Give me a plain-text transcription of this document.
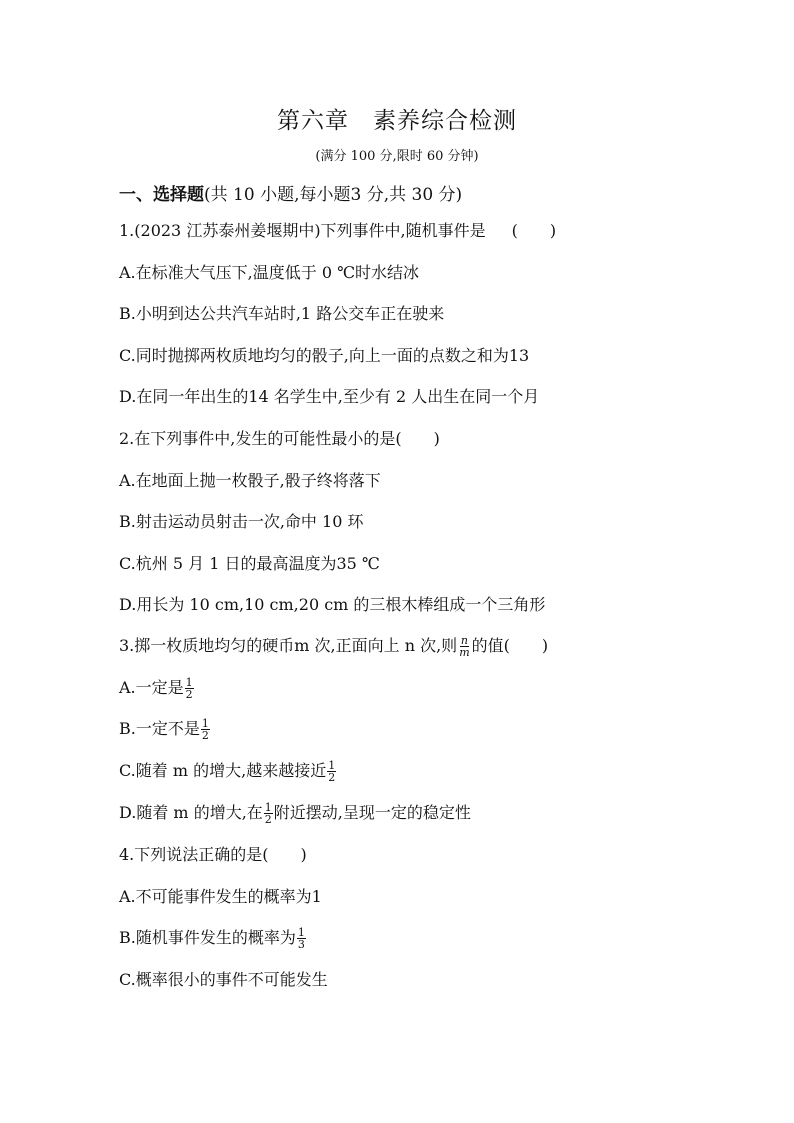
第六章　素养综合检测
(满分 100 分,限时 60 分钟)
一、选择题(共 10 小题,每小题3 分,共 30 分)
1.(2023 江苏泰州姜堰期中)下列事件中,随机事件是 (　　)
A.在标准大气压下,温度低于 0 ℃时水结冰
B.小明到达公共汽车站时,1 路公交车正在驶来
C.同时抛掷两枚质地均匀的骰子,向上一面的点数之和为13
D.在同一年出生的14 名学生中,至少有 2 人出生在同一个月
2.在下列事件中,发生的可能性最小的是(　　)
A.在地面上抛一枚骰子,骰子终将落下
B.射击运动员射击一次,命中 10 环
C.杭州 5 月 1 日的最高温度为35 ℃
D.用长为 10 cm,10 cm,20 cm 的三根木棒组成一个三角形
3.掷一枚质地均匀的硬币m 次,正面向上 n 次,则 $\frac{n}{m}$ 的值(　　)
A.一定是 $\frac{1}{2}$
B.一定不是 $\frac{1}{2}$
C.随着 m 的增大,越来越接近 $\frac{1}{2}$
D.随着 m 的增大,在 $\frac{1}{2}$ 附近摆动,呈现一定的稳定性
4.下列说法正确的是(　　)
A.不可能事件发生的概率为1
B.随机事件发生的概率为 $\frac{1}{3}$
C.概率很小的事件不可能发生
